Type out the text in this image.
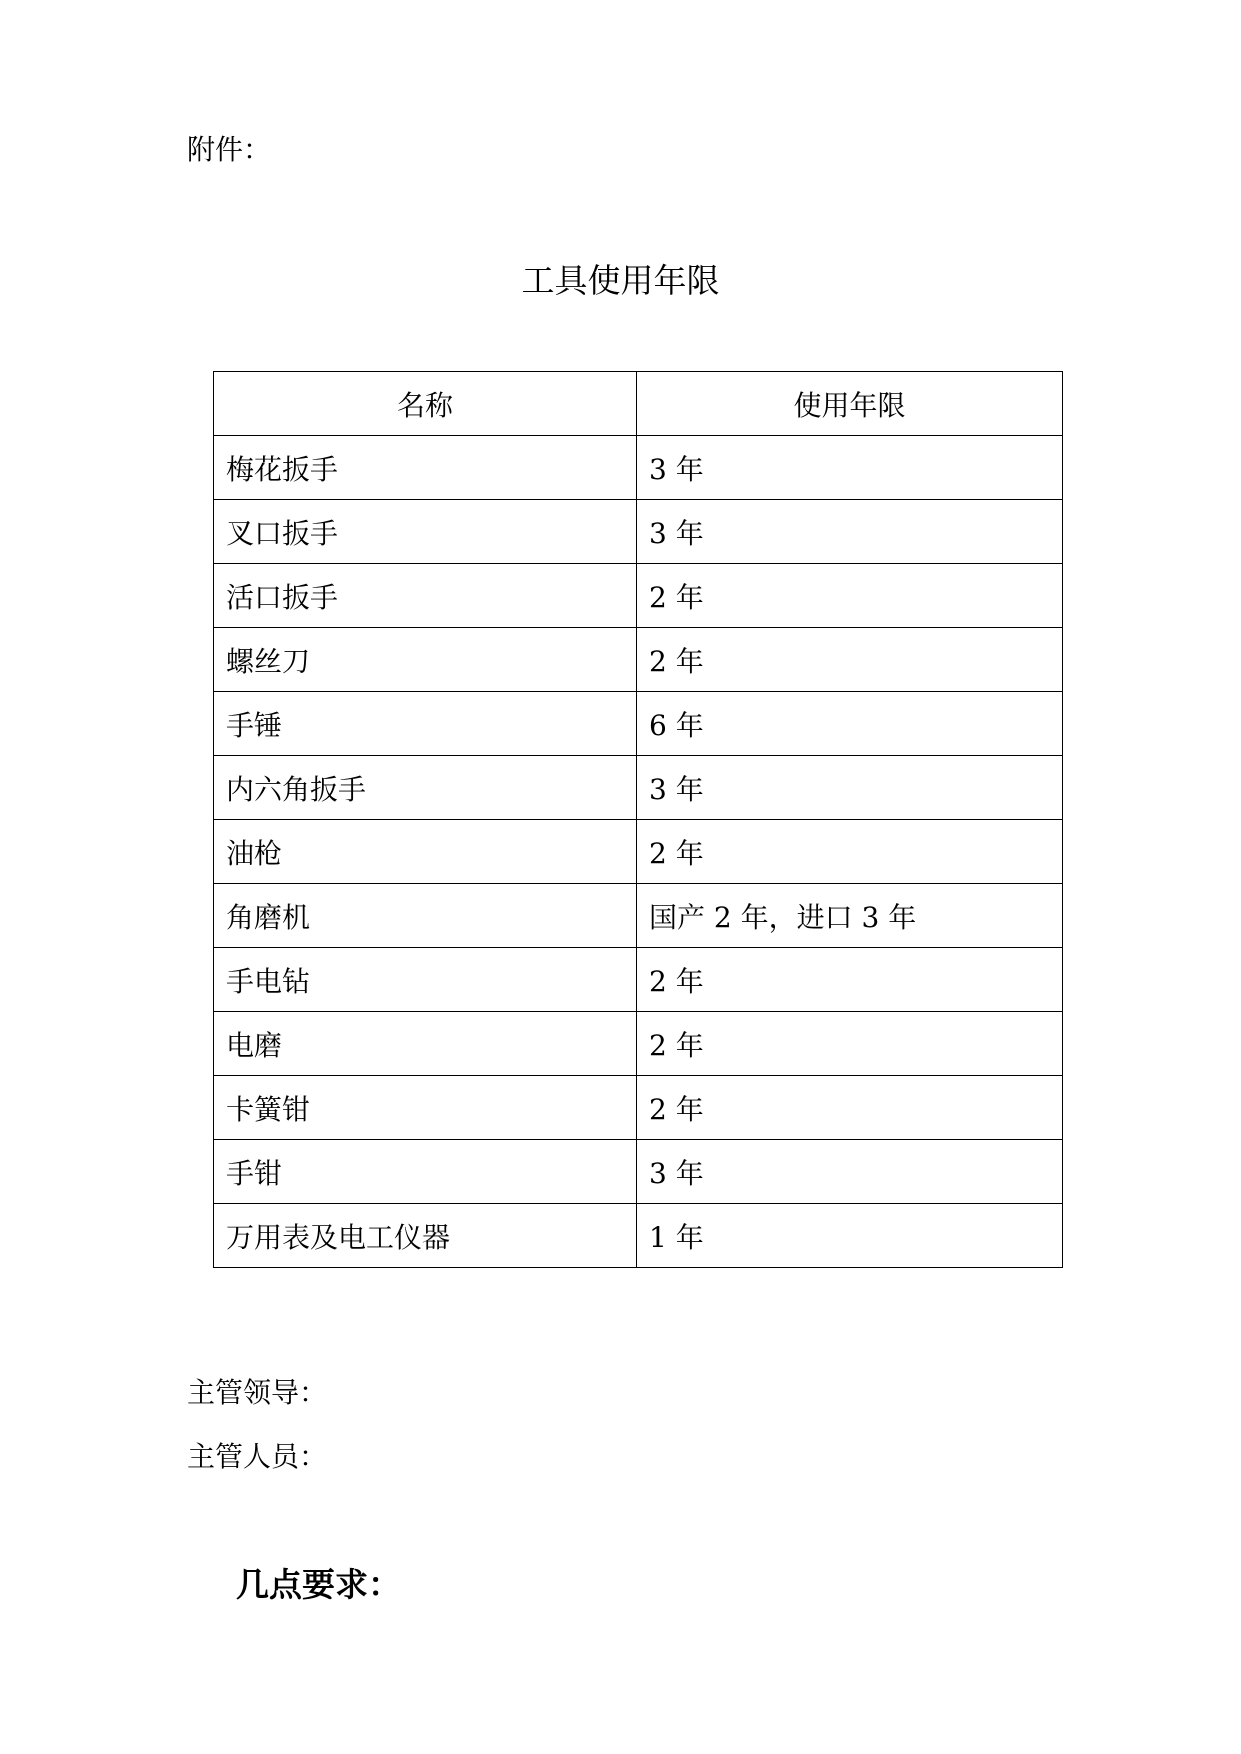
附件：
工具使用年限
名称	使用年限
梅花扳手	3 年
叉口扳手	3 年
活口扳手	2 年
螺丝刀	2 年
手锤	6 年
内六角扳手	3 年
油枪	2 年
角磨机	国产 2 年，进口 3 年
手电钻	2 年
电磨	2 年
卡簧钳	2 年
手钳	3 年
万用表及电工仪器	1 年
主管领导：
主管人员：
几点要求：
